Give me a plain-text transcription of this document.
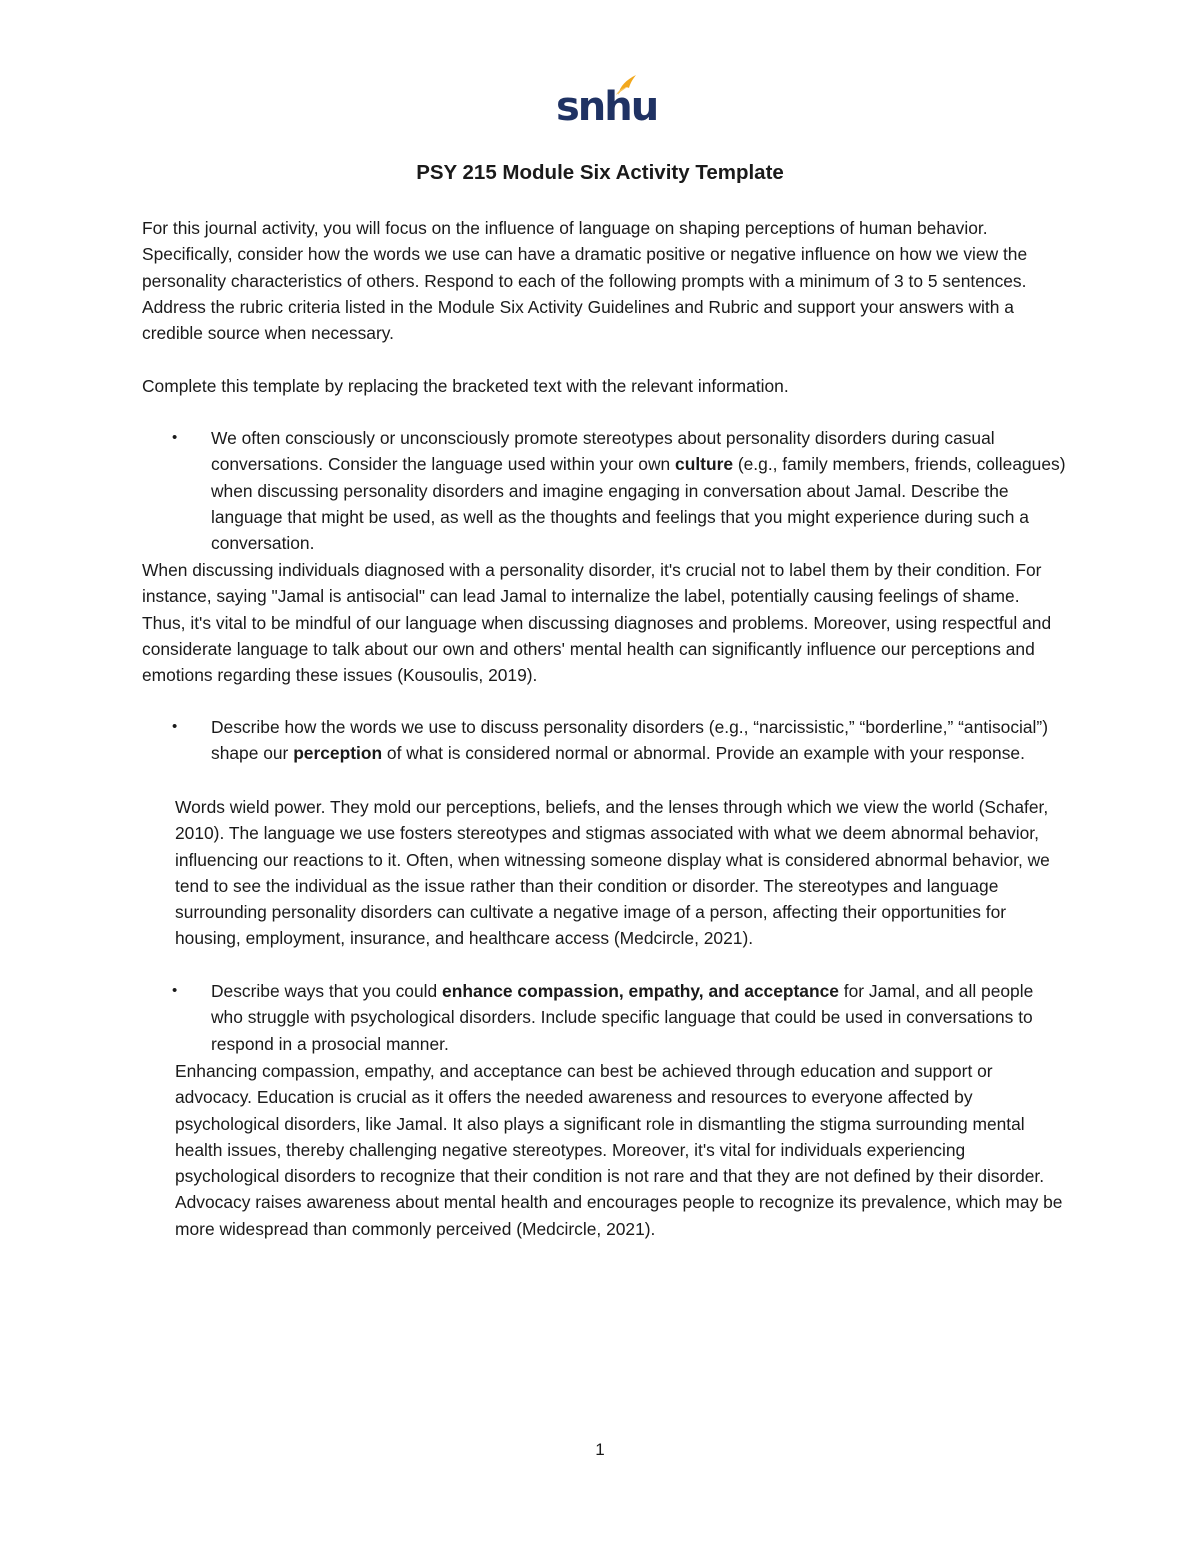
snhu
PSY 215 Module Six Activity Template

For this journal activity, you will focus on the influence of language on shaping perceptions of human behavior. Specifically, consider how the words we use can have a dramatic positive or negative influence on how we view the personality characteristics of others. Respond to each of the following prompts with a minimum of 3 to 5 sentences. Address the rubric criteria listed in the Module Six Activity Guidelines and Rubric and support your answers with a credible source when necessary.

Complete this template by replacing the bracketed text with the relevant information.

• We often consciously or unconsciously promote stereotypes about personality disorders during casual conversations. Consider the language used within your own culture (e.g., family members, friends, colleagues) when discussing personality disorders and imagine engaging in conversation about Jamal. Describe the language that might be used, as well as the thoughts and feelings that you might experience during such a conversation.

When discussing individuals diagnosed with a personality disorder, it's crucial not to label them by their condition. For instance, saying "Jamal is antisocial" can lead Jamal to internalize the label, potentially causing feelings of shame. Thus, it's vital to be mindful of our language when discussing diagnoses and problems. Moreover, using respectful and considerate language to talk about our own and others' mental health can significantly influence our perceptions and emotions regarding these issues (Kousoulis, 2019).

• Describe how the words we use to discuss personality disorders (e.g., “narcissistic,” “borderline,” “antisocial”) shape our perception of what is considered normal or abnormal. Provide an example with your response.

Words wield power. They mold our perceptions, beliefs, and the lenses through which we view the world (Schafer, 2010). The language we use fosters stereotypes and stigmas associated with what we deem abnormal behavior, influencing our reactions to it. Often, when witnessing someone display what is considered abnormal behavior, we tend to see the individual as the issue rather than their condition or disorder. The stereotypes and language surrounding personality disorders can cultivate a negative image of a person, affecting their opportunities for housing, employment, insurance, and healthcare access (Medcircle, 2021).

• Describe ways that you could enhance compassion, empathy, and acceptance for Jamal, and all people who struggle with psychological disorders. Include specific language that could be used in conversations to respond in a prosocial manner.

Enhancing compassion, empathy, and acceptance can best be achieved through education and support or advocacy. Education is crucial as it offers the needed awareness and resources to everyone affected by psychological disorders, like Jamal. It also plays a significant role in dismantling the stigma surrounding mental health issues, thereby challenging negative stereotypes. Moreover, it's vital for individuals experiencing psychological disorders to recognize that their condition is not rare and that they are not defined by their disorder. Advocacy raises awareness about mental health and encourages people to recognize its prevalence, which may be more widespread than commonly perceived (Medcircle, 2021).

1
